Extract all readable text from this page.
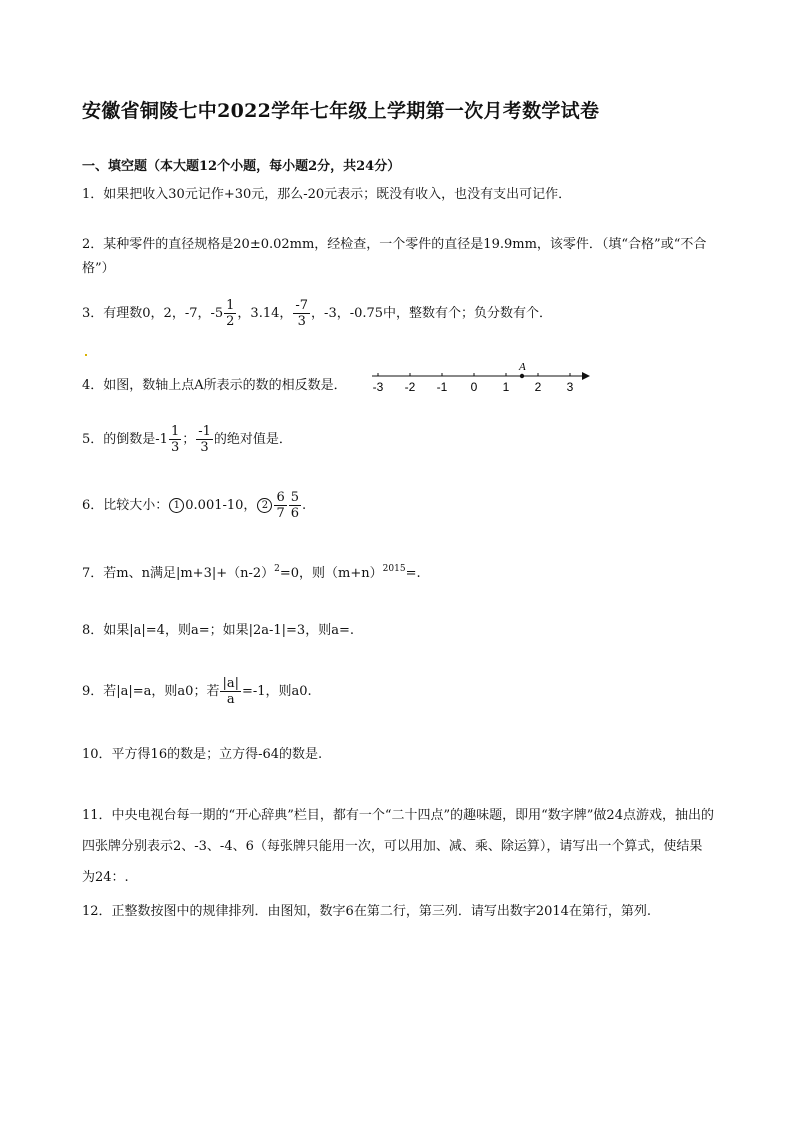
安徽省铜陵七中2022学年七年级上学期第一次月考数学试卷
一、填空题（本大题12个小题，每小题2分，共24分）
1．如果把收入30元记作+30元，那么-20元表示；既没有收入，也没有支出可记作．
2．某种零件的直径规格是20±0.02mm，经检查，一个零件的直径是19.9mm，该零件．（填“合格”或“不合格”）
3．有理数0，2，-7，$-5 \frac{1}{2}$ ，3.14， $\frac{-7}{3}$ ，-3，-0.75中，整数有个；负分数有个．
4．如图，数轴上点A所表示的数的相反数是． -3 -2 -1 0 1 2 3
A
5．的倒数是$-1 \frac{1}{3}$ ； $\frac{-1}{3}$ 的绝对值是．
6．比较大小： 1 0.001-10， $2 \frac{6}{7} \frac{5}{6}$ .
7．若m、n满足$|m+3|+(n-2)^2=0$，则$(m+n)^{2015}=$.
8．如果|a|=4，则a=；如果|2a-1|=3，则a=.
9．若|a|=a，则a0；若 $\frac{|a|}{a} =-1$，则a0.
10．平方得16的数是；立方得-64的数是.
11．中央电视台每一期的“开心辞典”栏目，都有一个“二十四点”的趣味题，即用“数字牌”做24点游戏，抽出的四张牌分别表示2、-3、-4、6（每张牌只能用一次，可以用加、减、乘、除运算），请写出一个算式，使结果为24：.
12．正整数按图中的规律排列．由图知，数字6在第二行，第三列．请写出数字2014在第行，第列.
